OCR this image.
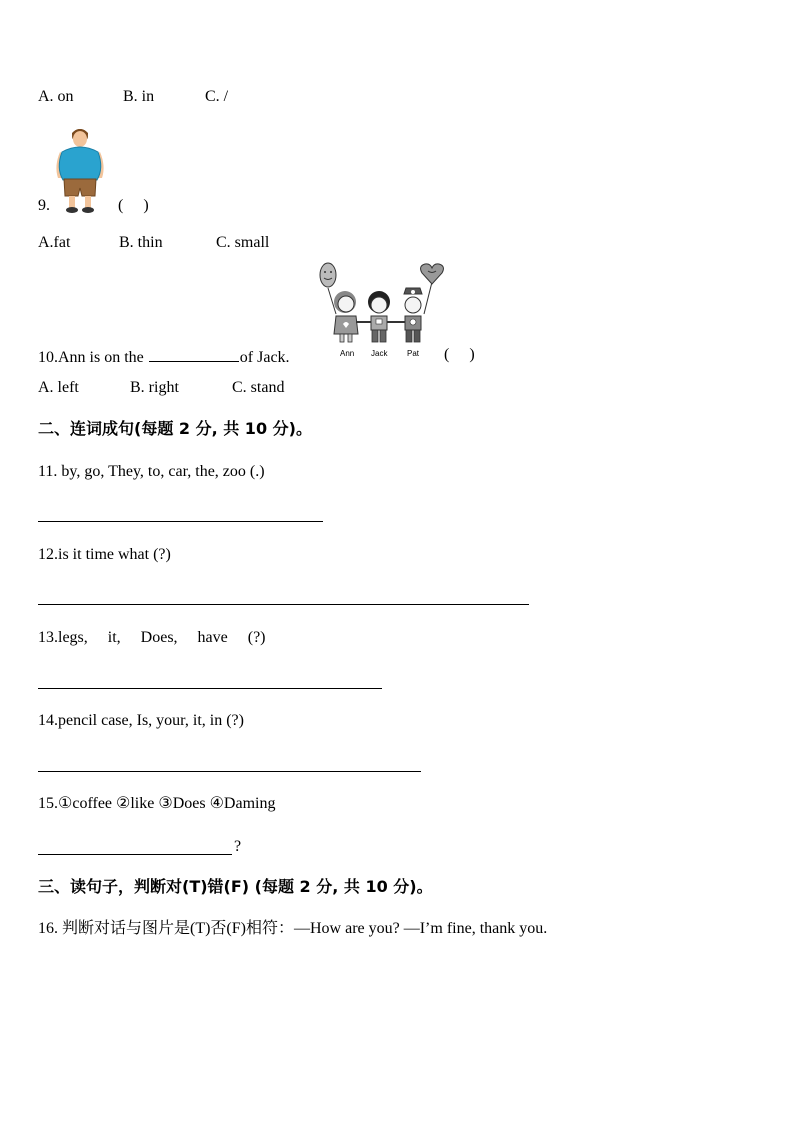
A. on	B. in	C. /
9.	(     )
A.fat	B. thin	C. small
Ann Jack Pat
10.Ann is on the	of Jack.	(     )
A. left	B. right	C. stand
二、连词成句(每题 2 分, 共 10 分)。
11. by, go, They, to, car, the, zoo (.)
12.is it time what (?)
13.legs,     it,     Does,     have     (?)
14.pencil case, Is, your, it, in (?)
15.①coffee ②like ③Does ④Daming
?
三、读句子，判断对(T)错(F) (每题 2 分, 共 10 分)。
16. 判断对话与图片是(T)否(F)相符：—How are you? —I’m fine, thank you.
